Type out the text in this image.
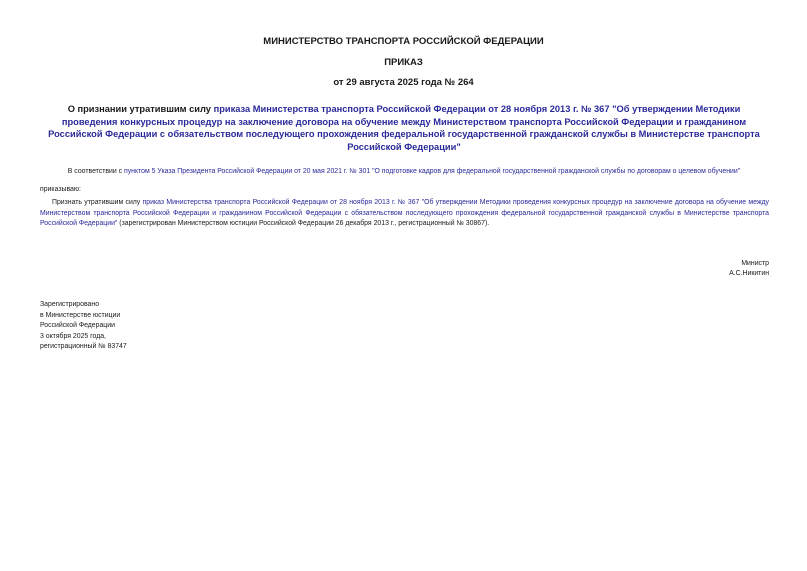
МИНИСТЕРСТВО ТРАНСПОРТА РОССИЙСКОЙ ФЕДЕРАЦИИ
ПРИКАЗ
от 29 августа 2025 года № 264
О признании утратившим силу приказа Министерства транспорта Российской Федерации от 28 ноября 2013 г. № 367 "Об утверждении Методики проведения конкурсных процедур на заключение договора на обучение между Министерством транспорта Российской Федерации и гражданином Российской Федерации с обязательством последующего прохождения федеральной государственной гражданской службы в Министерстве транспорта Российской Федерации"
В соответствии с пунктом 5 Указа Президента Российской Федерации от 20 мая 2021 г. № 301 "О подготовке кадров для федеральной государственной гражданской службы по договорам о целевом обучении"
приказываю:
Признать утратившим силу приказ Министерства транспорта Российской Федерации от 28 ноября 2013 г. № 367 "Об утверждении Методики проведения конкурсных процедур на заключение договора на обучение между Министерством транспорта Российской Федерации и гражданином Российской Федерации с обязательством последующего прохождения федеральной государственной гражданской службы в Министерстве транспорта Российской Федерации" (зарегистрирован Министерством юстиции Российской Федерации 26 декабря 2013 г., регистрационный № 30867).
Министр
А.С.Никитин
Зарегистрировано
в Министерстве юстиции
Российской Федерации
3 октября 2025 года,
регистрационный № 83747
